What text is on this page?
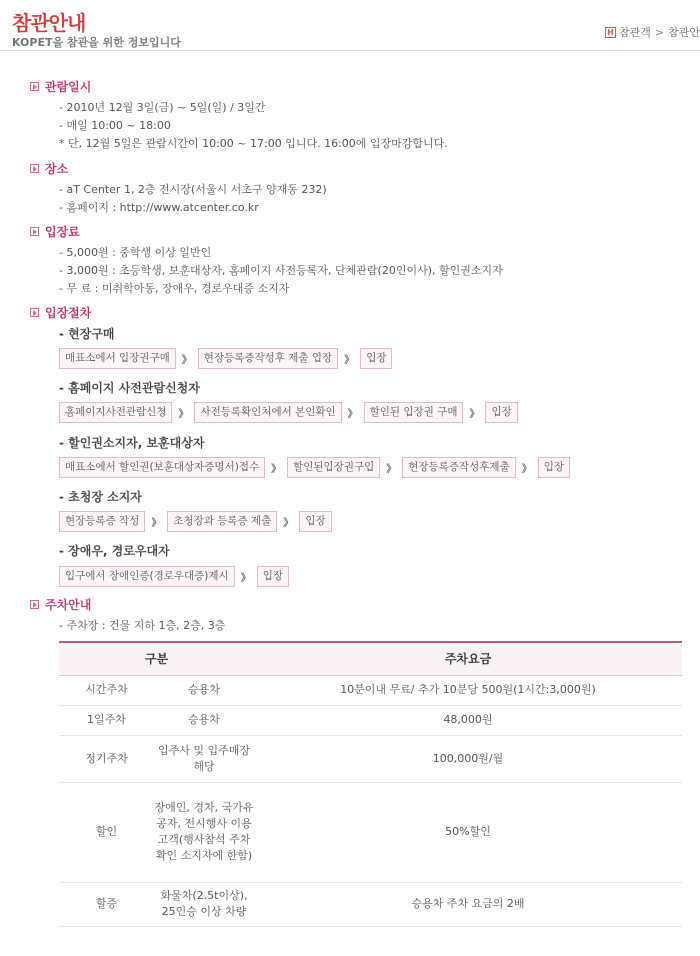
참관안내
KOPET을 참관을 위한 정보입니다
H 참관객 > 참관안
관람일시
- 2010년 12월 3일(금) ~ 5일(일) / 3일간
- 매일 10:00 ~ 18:00
* 단, 12월 5일은 관람시간이 10:00 ~ 17:00 입니다. 16:00에 입장마감합니다.
장소
- aT Center 1, 2층 전시장(서울시 서초구 양재동 232)
- 홈페이지 : http://www.atcenter.co.kr
입장료
- 5,000원 : 중학생 이상 일반인
- 3,000원 : 초등학생, 보훈대상자, 홈페이지 사전등록자, 단체관람(20인이사), 할인권소지자
- 무 료 : 미취학아동, 장애우, 경로우대증 소지자
입장절차
- 현장구매
매표소에서 입장권구매	》	현장등록증작성후 제출 입장	》	입장
- 홈페이지 사전관람신청자
홈페이지사전관람신청	》	사전등록확인처에서 본인확인	》	할인된 입장권 구매	》	입장
- 할인권소지자, 보훈대상자
매표소에서 할인권(보훈대상자증명서)접수	》	할인된입장권구입	》	현장등록증작성후제출	》	입장
- 초청장 소지자
현장등록증 작성	》	초청장과 등록증 제출	》	입장
- 장애우, 경로우대자
입구에서 장애인증(경로우대증)제시	》	입장
주차안내
- 주차장 : 건물 지하 1층, 2층, 3층
구분		주차요금
시간주차	승용차	10분이내 무료/ 추가 10분당 500원(1시간:3,000원)
1일주차	승용차	48,000원
정기주차	입주사 및 입주매장 해당	100,000원/월
할인	장애인, 경차, 국가유공자, 전시행사 이용고객(행사참석 주차확인 소지자에 한함)	50%할인
할증	화물차(2.5t이상), 25인승 이상 차량	승용차 주차 요금의 2배
